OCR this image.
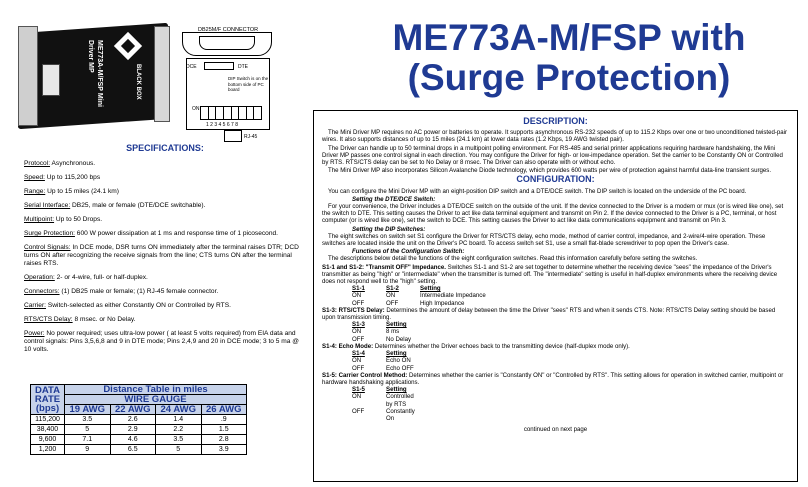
ME773A-M/FSP Mini Driver MP
BLACK BOX
DB25M/F CONNECTOR
DCE	DTE
DIP Switch is on the bottom side of PC board
ON
1 2 3 4 5 6 7 8
RJ-45
ME773A-M/FSP with
(Surge Protection)
SPECIFICATIONS:
Protocol: Asynchronous.
Speed: Up to 115,200 bps
Range: Up to 15 miles (24.1 km)
Serial Interface: DB25, male or female (DTE/DCE switchable).
Multipoint: Up to 50 Drops.
Surge Protection: 600 W power dissipation at 1 ms and response time of 1 picosecond.
Control Signals: In DCE mode, DSR turns ON immediately after the terminal raises DTR; DCD turns ON after recognizing the receive signals from the line; CTS turns ON after the terminal raises RTS.
Operation: 2- or 4-wire, full- or half-duplex.
Connectors: (1) DB25 male or female; (1) RJ-45 female connector.
Carrier: Switch-selected as either Constantly ON or Controlled by RTS.
RTS/CTS Delay: 8 msec. or No Delay.
Power: No power required; uses ultra-low power ( at least 5 volts required) from EIA data and control signals: Pins 3,5,6,8 and 9 in DTE mode; Pins 2,4,9 and 20 in DCE mode; 3 to 5 ma @ 10 volts.
DATA RATE (bps)	Distance Table in miles			
	WIRE GAUGE			
	19 AWG	22 AWG	24 AWG	26 AWG
115,200	3.5	2.6	1.4	.9
38,400	5	2.9	2.2	1.5
9,600	7.1	4.6	3.5	2.8
1,200	9	6.5	5	3.9
DESCRIPTION:
The Mini Driver MP requires no AC power or batteries to operate. It supports asynchronous RS-232 speeds of up to 115.2 Kbps over one or two unconditioned twisted-pair wires. It also supports distances of up to 15 miles (24.1 km) at lower data rates (1.2 Kbps, 19 AWG twisted pair).
The Driver can handle up to 50 terminal drops in a multipoint polling environment. For RS-485 and serial printer applications requiring hardware handshaking, the Mini Driver MP passes one control signal in each direction. You may configure the Driver for high- or low-impedance operation. Set the carrier to be Constantly ON or Controlled by RTS. RTS/CTS delay can be set to No Delay or 8 msec. The Driver can also operate with or without echo.
The Mini Driver MP also incorporates Silicon Avalanche Diode technology, which provides 600 watts per wire of protection against harmful data-line transient surges.
CONFIGURATION:
You can configure the Mini Driver MP with an eight-position DIP switch and a DTE/DCE switch. The DIP switch is located on the underside of the PC board.
Setting the DTE/DCE Switch:
For your convenience, the Driver includes a DTE/DCE switch on the outside of the unit. If the device connected to the Driver is a modem or mux (or is wired like one), set the switch to DTE. This setting causes the Driver to act like data terminal equipment and transmit on Pin 2. If the device connected to the Driver is a PC, terminal, or host computer (or is wired like one), set the switch to DCE. This setting causes the Driver to act like data communications equipment and transmit on Pin 3.
Setting the DIP Switches:
The eight switches on switch set S1 configure the Driver for RTS/CTS delay, echo mode, method of carrier control, impedance, and 2-wire/4-wire operation. These switches are located inside the unit on the Driver's PC board. To access switch set S1, use a small flat-blade screwdriver to pop open the Driver's case.
Functions of the Configuration Switch:
The descriptions below detail the functions of the eight configuration switches. Read this information carefully before setting the switches.
S1-1 and S1-2: "Transmit OFF" Impedance. Switches S1-1 and S1-2 are set together to determine whether the receiving device "sees" the impedance of the Driver's transmitter as being "high" or "intermediate" when the transmitter is turned off. The "intermediate" setting is useful in half-duplex environments where the receiving device does not respond well to the "high" setting.
S1-1	S1-2	Setting
ON	ON	Intermediate Impedance
OFF	OFF	High Impedance
S1-3: RTS/CTS Delay: Determines the amount of delay between the time the Driver "sees" RTS and when it sends CTS. Note: RTS/CTS Delay setting should be based upon transmission timing.
S1-3	Setting
ON	8 ms
OFF	No Delay
S1-4: Echo Mode: Determines whether the Driver echoes back to the transmitting device (half-duplex mode only).
S1-4	Setting
ON	Echo ON
OFF	Echo OFF
S1-5: Carrier Control Method: Determines whether the carrier is "Constantly ON" or "Controlled by RTS". This setting allows for operation in switched carrier, multipoint or hardware handshaking applications.
S1-5	Setting
ON	Controlled by RTS
OFF	Constantly On
continued on next page
